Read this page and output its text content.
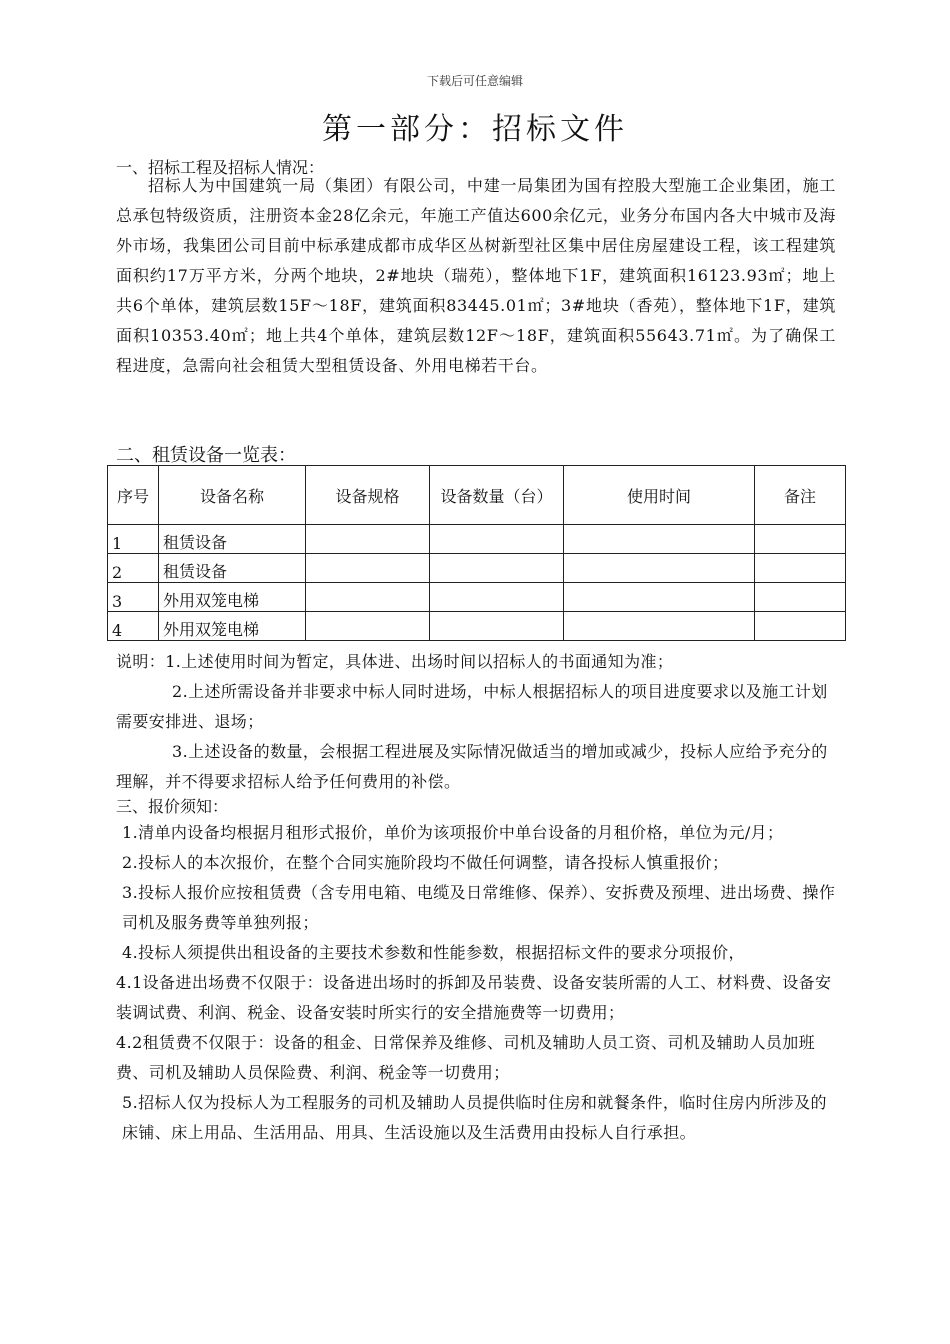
下载后可任意编辑
第一部分：招标文件
一、招标工程及招标人情况：

招标人为中国建筑一局（集团）有限公司，中建一局集团为国有控股大型施工企业集团，施工总承包特级资质，注册资本金28亿余元，年施工产值达600余亿元，业务分布国内各大中城市及海外市场，我集团公司目前中标承建成都市成华区丛树新型社区集中居住房屋建设工程，该工程建筑面积约17万平方米，分两个地块，2#地块（瑞苑），整体地下1F，建筑面积16123.93㎡；地上共6个单体，建筑层数15F～18F，建筑面积83445.01㎡；3#地块（香苑），整体地下1F，建筑面积10353.40㎡；地上共4个单体，建筑层数12F～18F，建筑面积55643.71㎡。为了确保工程进度，急需向社会租赁大型租赁设备、外用电梯若干台。

二、租赁设备一览表：
序号	设备名称	设备规格	设备数量（台）	使用时间	备注
1	租赁设备				
2	租赁设备				
3	外用双笼电梯				
4	外用双笼电梯				

说明：1.上述使用时间为暂定，具体进、出场时间以招标人的书面通知为准；

2.上述所需设备并非要求中标人同时进场，中标人根据招标人的项目进度要求以及施工计划需要安排进、退场；

3.上述设备的数量，会根据工程进展及实际情况做适当的增加或减少，投标人应给予充分的理解，并不得要求招标人给予任何费用的补偿。

三、报价须知：

1.清单内设备均根据月租形式报价，单价为该项报价中单台设备的月租价格，单位为元/月；

2.投标人的本次报价，在整个合同实施阶段均不做任何调整，请各投标人慎重报价；

3.投标人报价应按租赁费（含专用电箱、电缆及日常维修、保养）、安拆费及预埋、进出场费、操作司机及服务费等单独列报；

4.投标人须提供出租设备的主要技术参数和性能参数，根据招标文件的要求分项报价，

4.1设备进出场费不仅限于：设备进出场时的拆卸及吊装费、设备安装所需的人工、材料费、设备安装调试费、利润、税金、设备安装时所实行的安全措施费等一切费用；

4.2租赁费不仅限于：设备的租金、日常保养及维修、司机及辅助人员工资、司机及辅助人员加班费、司机及辅助人员保险费、利润、税金等一切费用；

5.招标人仅为投标人为工程服务的司机及辅助人员提供临时住房和就餐条件，临时住房内所涉及的床铺、床上用品、生活用品、用具、生活设施以及生活费用由投标人自行承担。
